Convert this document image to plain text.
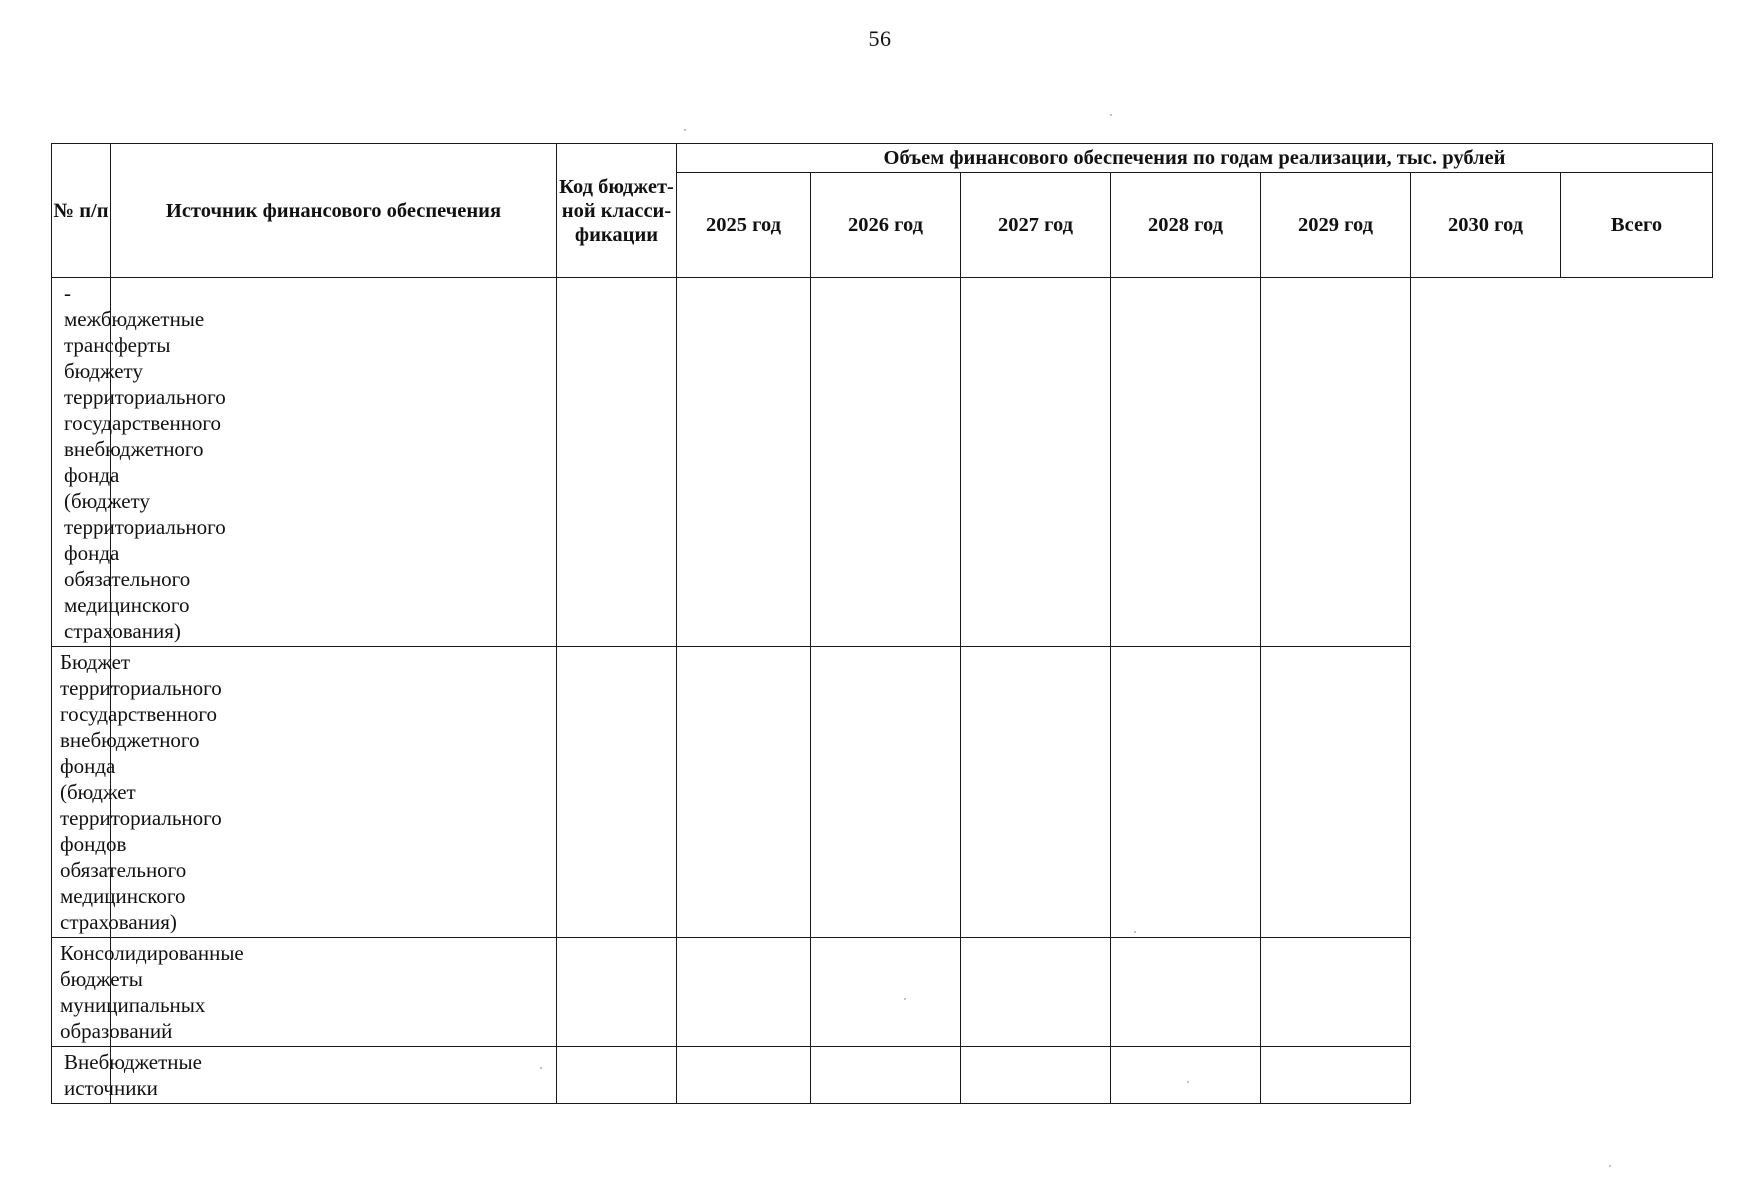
56
№ п/п	Источник финансового обеспечения	Код бюджет-ной класси-фикации	Объем финансового обеспечения по годам реализации, тыс. рублей						
			2025 год	2026 год	2027 год	2028 год	2029 год	2030 год	Всего
- межбюджетные трансферты бюджету территориального государственного внебюджетного фонда (бюджету территориального фонда обязательного медицинского страхования)									
Бюджет территориального государственного внебюджетного фонда (бюджет территориального фондов обязательного медицинского страхования)									
Консолидированные бюджеты муниципальных образований									
Внебюджетные источники									
